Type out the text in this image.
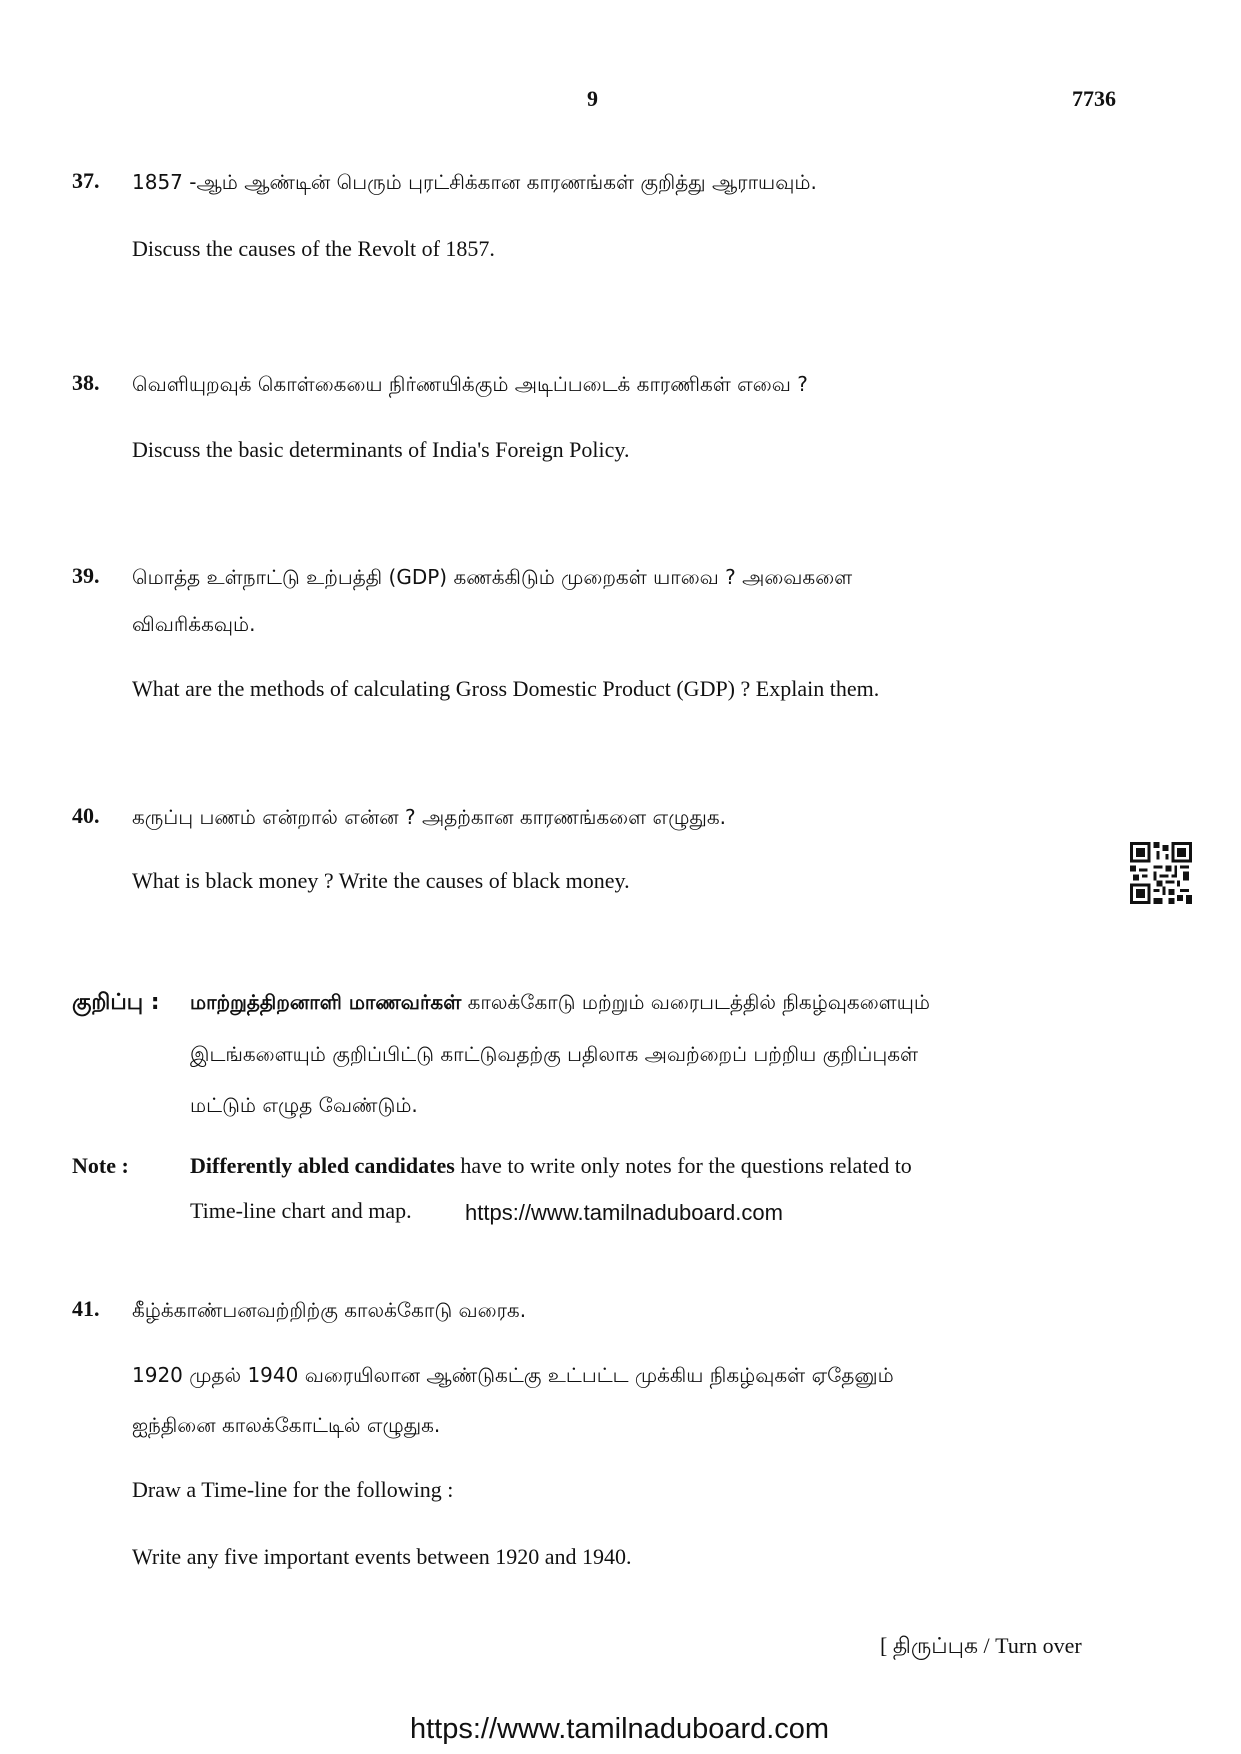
9	7736
37. 1857 -ஆம் ஆண்டின் பெரும் புரட்சிக்கான காரணங்கள் குறித்து ஆராயவும்.
Discuss the causes of the Revolt of 1857.
38. வெளியுறவுக் கொள்கையை நிர்ணயிக்கும் அடிப்படைக் காரணிகள் எவை ?
Discuss the basic determinants of India's Foreign Policy.
39. மொத்த உள்நாட்டு உற்பத்தி (GDP) கணக்கிடும் முறைகள் யாவை ? அவைகளை
விவரிக்கவும்.
What are the methods of calculating Gross Domestic Product (GDP) ? Explain them.
40. கருப்பு பணம் என்றால் என்ன ? அதற்கான காரணங்களை எழுதுக.
What is black money ? Write the causes of black money.
குறிப்பு : மாற்றுத்திறனாளி மாணவர்கள் காலக்கோடு மற்றும் வரைபடத்தில் நிகழ்வுகளையும்
இடங்களையும் குறிப்பிட்டு காட்டுவதற்கு பதிலாக அவற்றைப் பற்றிய குறிப்புகள்
மட்டும் எழுத வேண்டும்.
Note :	Differently abled candidates have to write only notes for the questions related to
Time-line chart and map. https://www.tamilnaduboard.com
41. கீழ்க்காண்பனவற்றிற்கு காலக்கோடு வரைக.
1920 முதல் 1940 வரையிலான ஆண்டுகட்கு உட்பட்ட முக்கிய நிகழ்வுகள் ஏதேனும்
ஐந்தினை காலக்கோட்டில் எழுதுக.
Draw a Time-line for the following :
Write any five important events between 1920 and 1940.
[ திருப்புக / Turn over
https://www.tamilnaduboard.com
